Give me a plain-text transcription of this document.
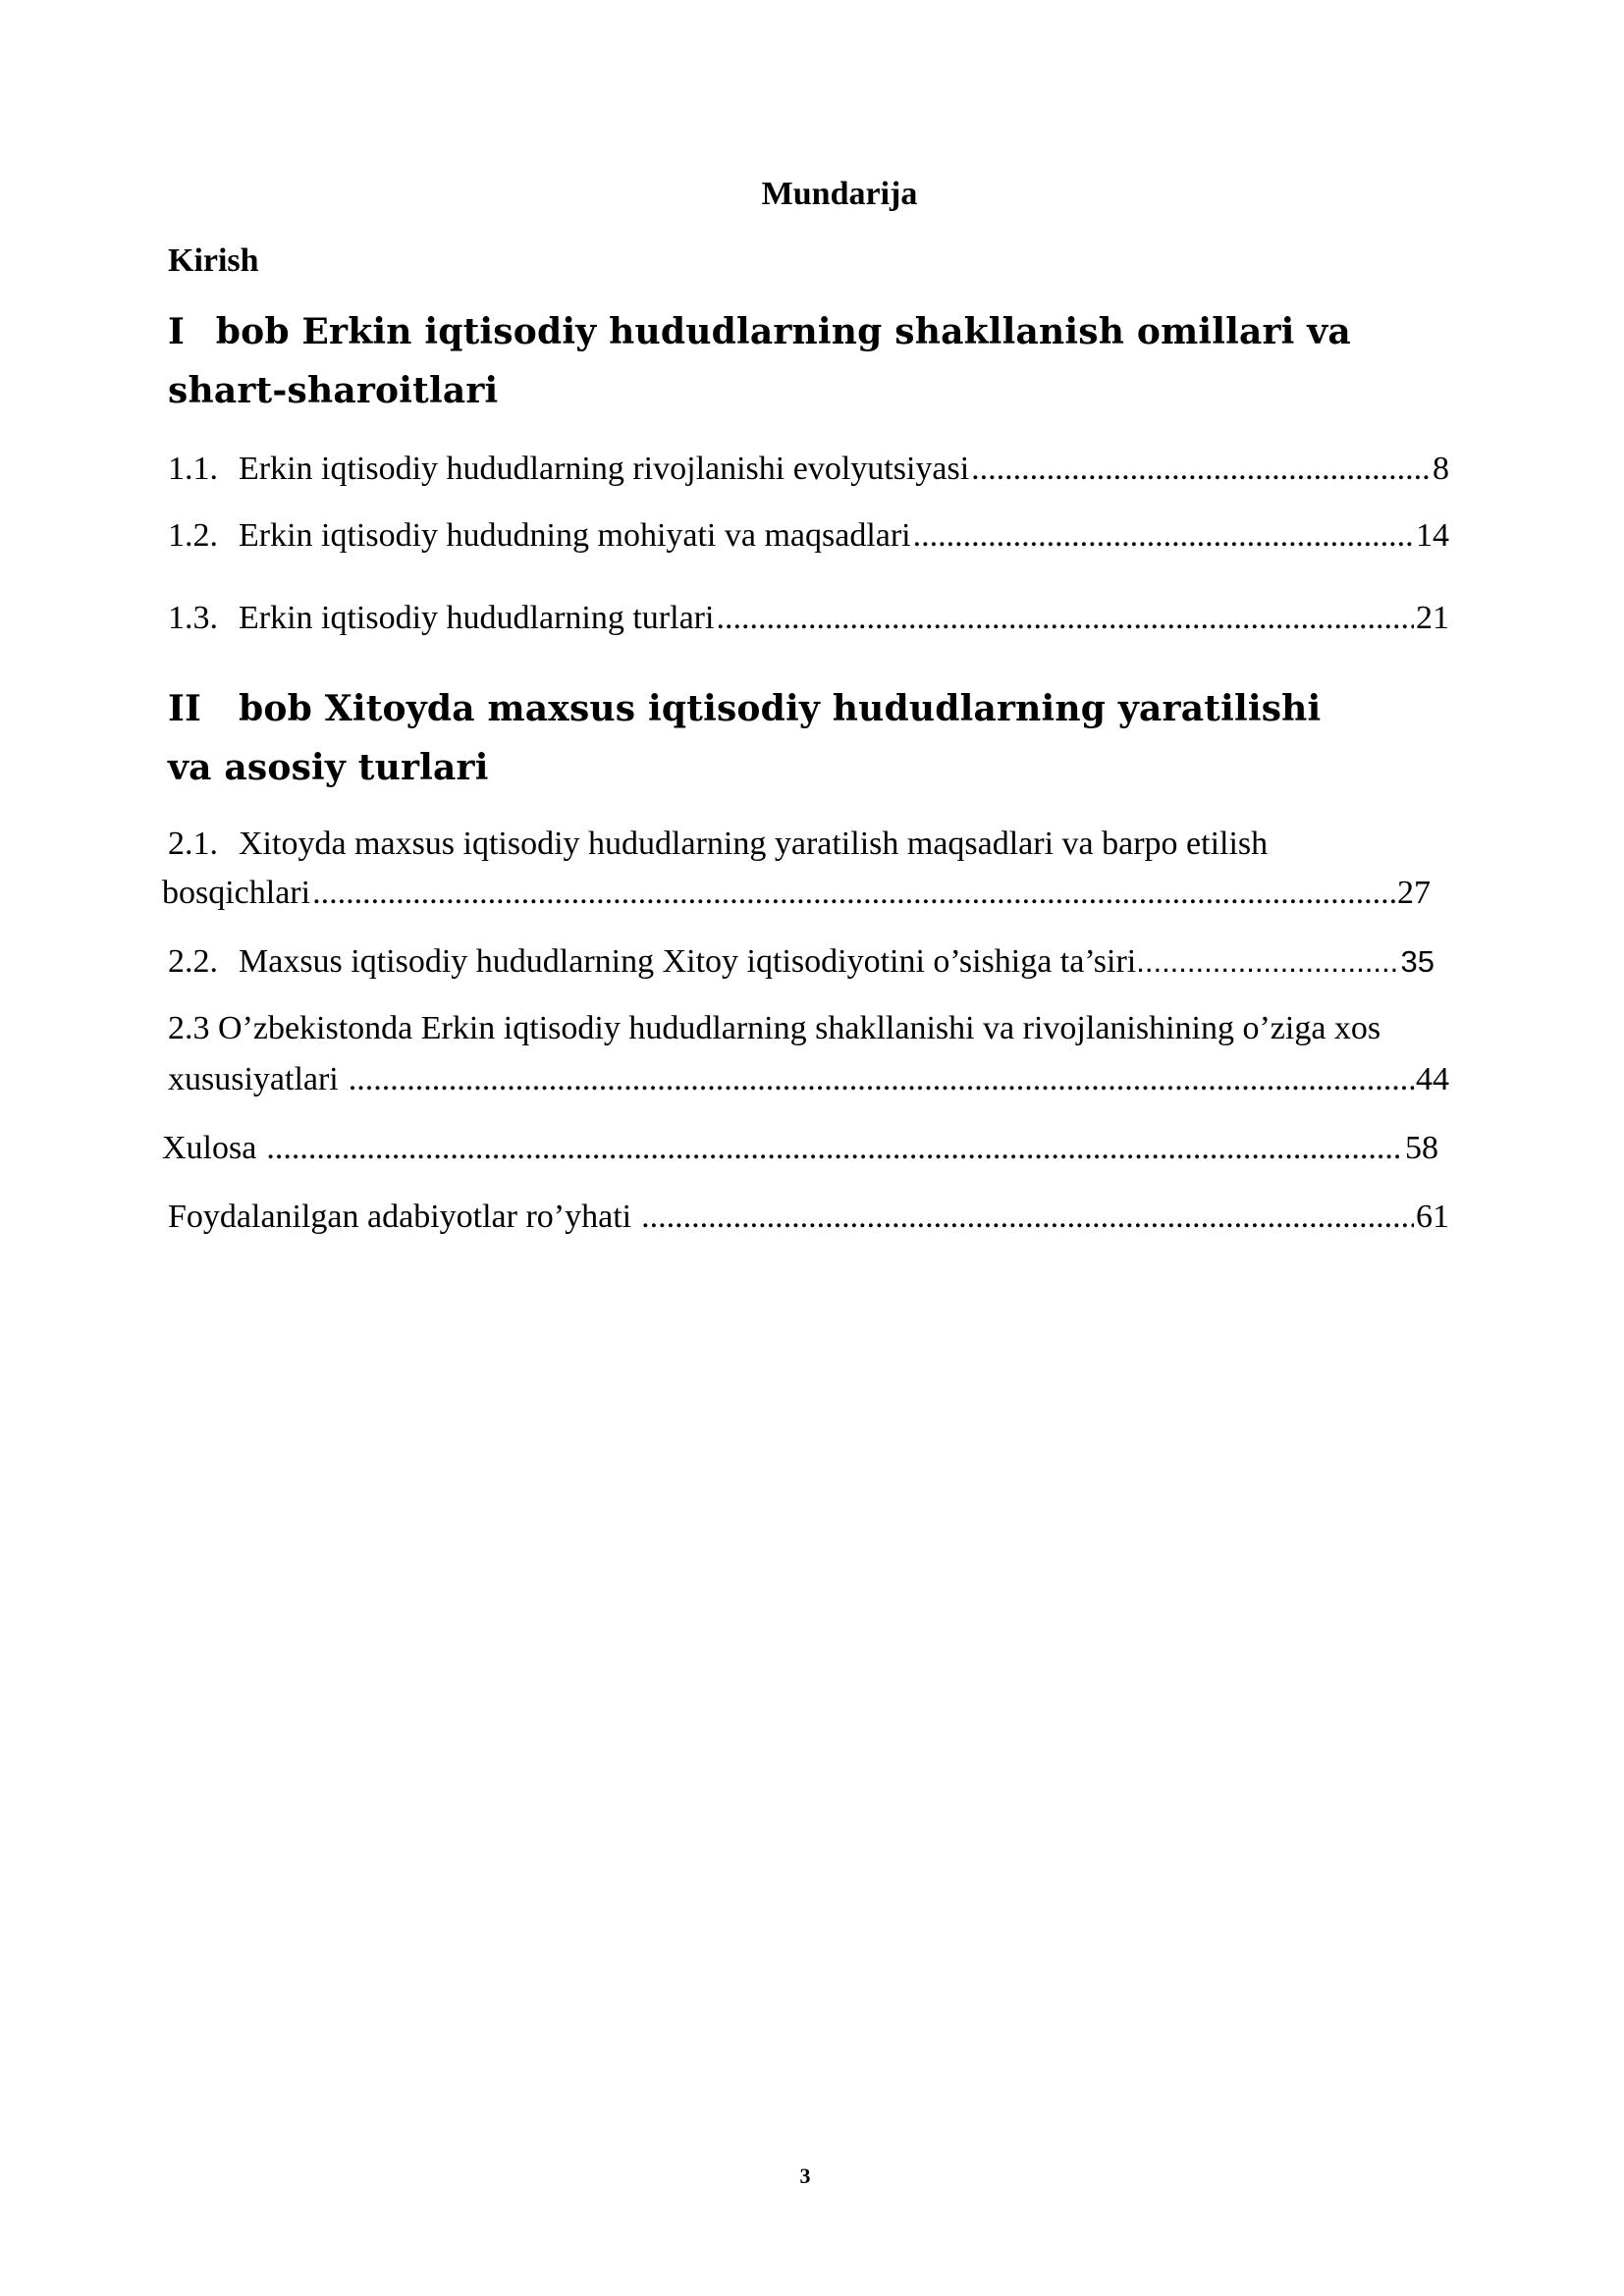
Mundarija
Kirish
I bob Erkin iqtisodiy hududlarning shakllanish omillari va shart-sharoitlari
1.1. Erkin iqtisodiy hududlarning rivojlanishi evolyutsiyasi .....	8
1.2. Erkin iqtisodiy hududning mohiyati va maqsadlari .....	14
1.3. Erkin iqtisodiy hududlarning turlari .....	21
II bob Xitoyda maxsus iqtisodiy hududlarning yaratilishi va asosiy turlari
2.1. Xitoyda maxsus iqtisodiy hududlarning yaratilish maqsadlari va barpo etilish
bosqichlari .....	27
2.2. Maxsus iqtisodiy hududlarning Xitoy iqtisodiyotini o’sishiga ta’siri .....	35
2.3 O’zbekistonda Erkin iqtisodiy hududlarning shakllanishi va rivojlanishining o’ziga xos
xususiyatlari .....	44
Xulosa .....	58
Foydalanilgan adabiyotlar ro’yhati .....	61
3
